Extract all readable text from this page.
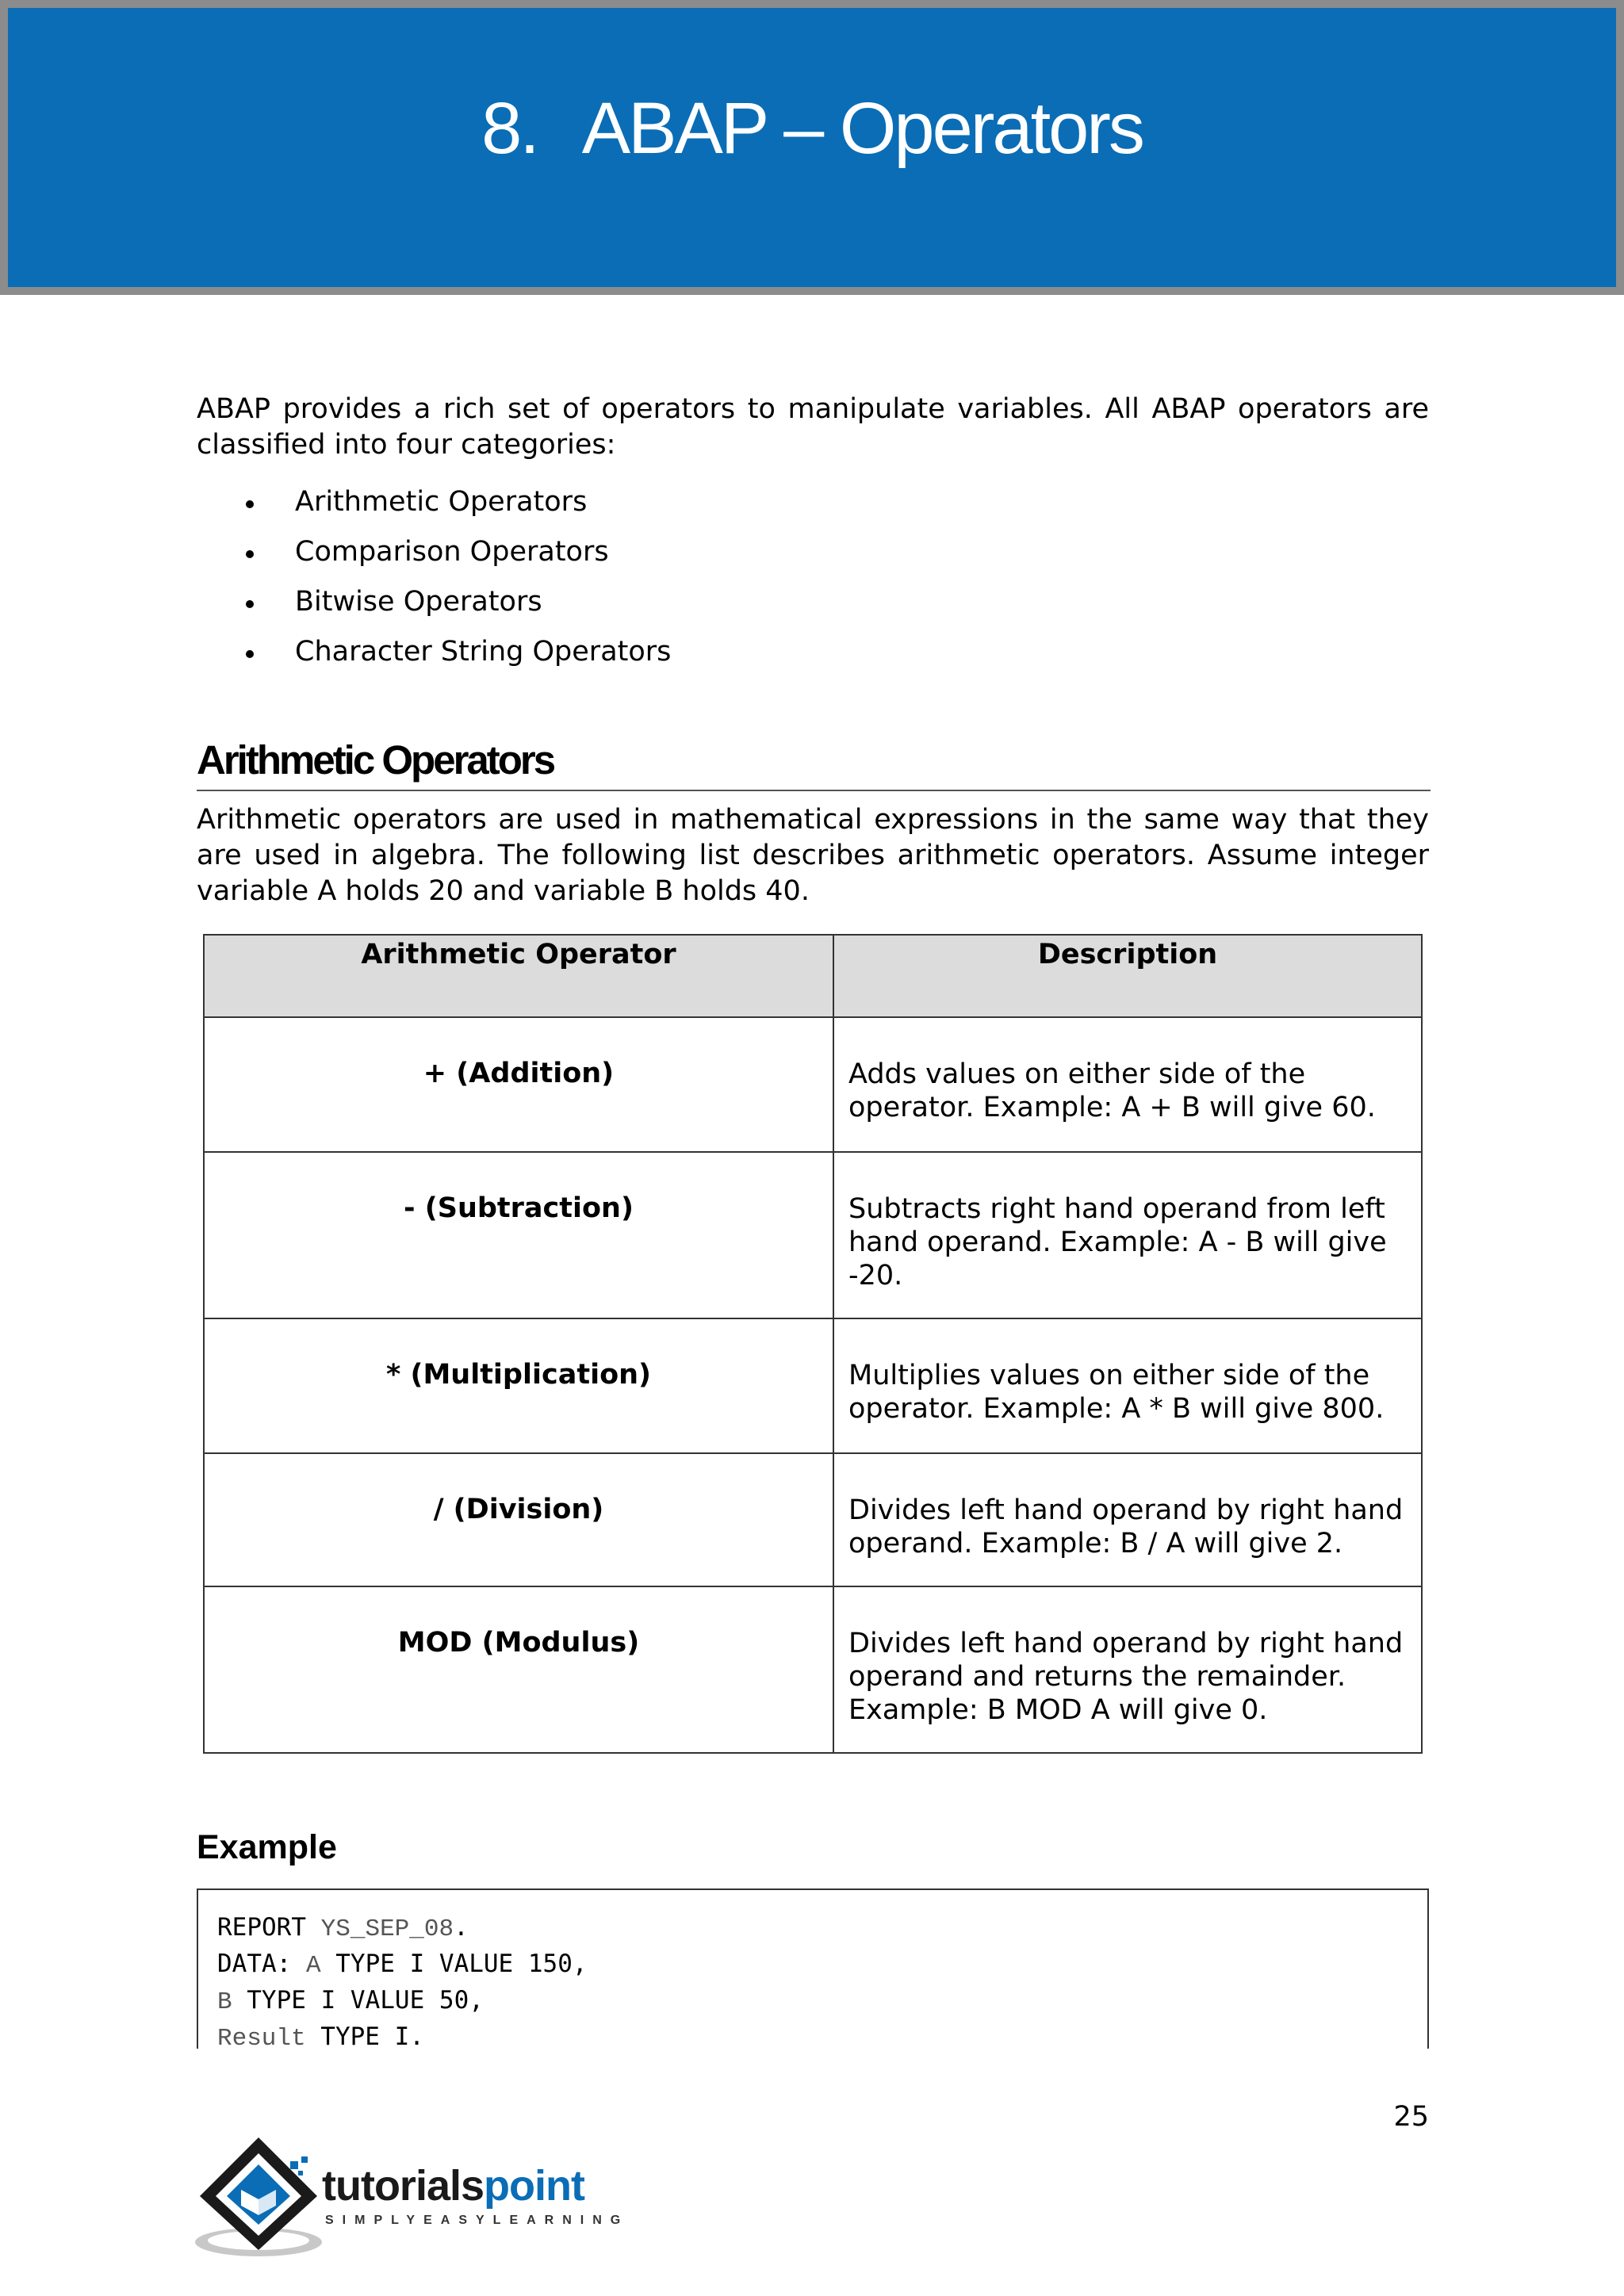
8. ABAP – Operators

ABAP provides a rich set of operators to manipulate variables. All ABAP operators are classified into four categories:

Arithmetic Operators
Comparison Operators
Bitwise Operators
Character String Operators
Arithmetic Operators

Arithmetic operators are used in mathematical expressions in the same way that they are used in algebra. The following list describes arithmetic operators. Assume integer variable A holds 20 and variable B holds 40.

Arithmetic Operator	Description
+ (Addition)	Adds values on either side of the operator. Example: A + B will give 60.
- (Subtraction)	Subtracts right hand operand from left hand operand. Example: A - B will give -20.
* (Multiplication)	Multiplies values on either side of the operator. Example: A * B will give 800.
/ (Division)	Divides left hand operand by right hand operand. Example: B / A will give 2.
MOD (Modulus)	Divides left hand operand by right hand operand and returns the remainder. Example: B MOD A will give 0.
Example
REPORT YS_SEP_08.
DATA: A TYPE I VALUE 150,
B TYPE I VALUE 50,
Result TYPE I.
25
tutorialspoint
SIMPLYEASYLEARNING
